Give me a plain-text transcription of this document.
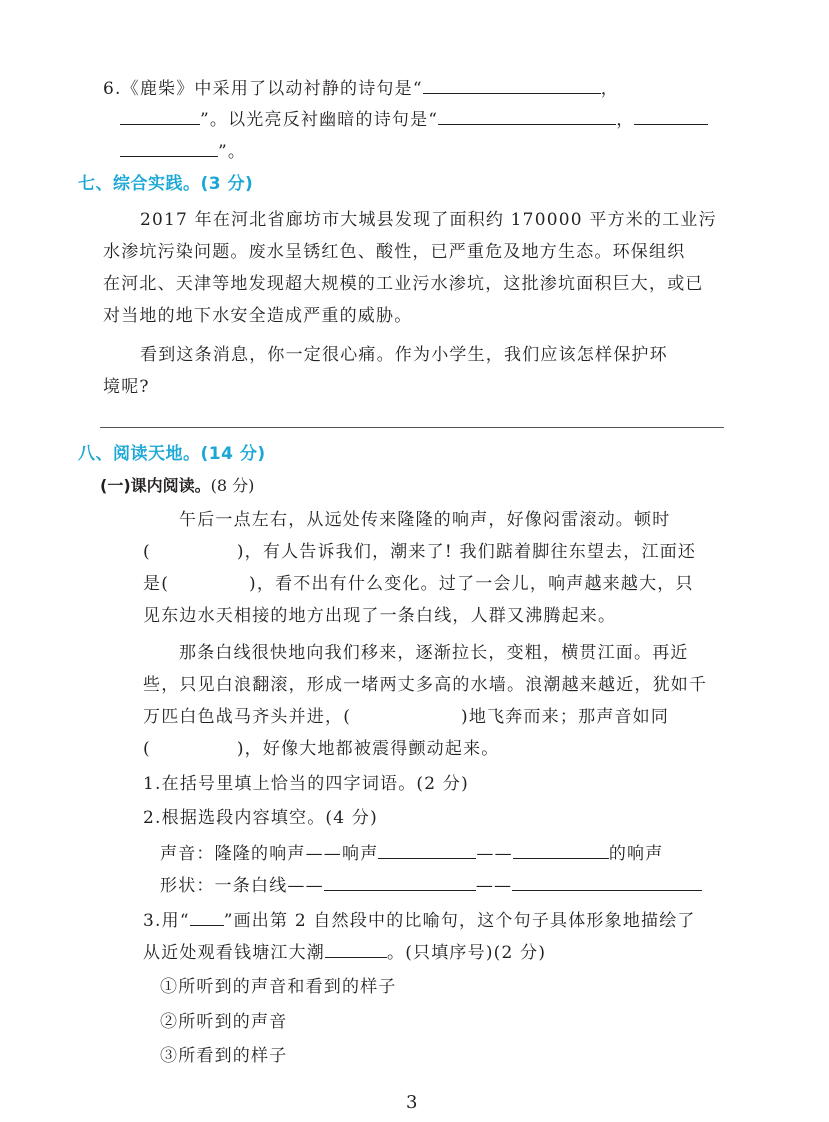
6.《鹿柴》中采用了以动衬静的诗句是“	，
”。以光亮反衬幽暗的诗句是“	，
”。
七、综合实践。(3 分)
2017 年在河北省廊坊市大城县发现了面积约 170000 平方米的工业污
水渗坑污染问题。废水呈锈红色、酸性，已严重危及地方生态。环保组织
在河北、天津等地发现超大规模的工业污水渗坑，这批渗坑面积巨大，或已
对当地的地下水安全造成严重的威胁。
看到这条消息，你一定很心痛。作为小学生，我们应该怎样保护环
境呢?
八、阅读天地。(14 分)
(一)课内阅读。(8 分)
午后一点左右，从远处传来隆隆的响声，好像闷雷滚动。顿时
(	)，有人告诉我们，潮来了! 我们踮着脚往东望去，江面还
是(	)，看不出有什么变化。过了一会儿，响声越来越大，只
见东边水天相接的地方出现了一条白线，人群又沸腾起来。
那条白线很快地向我们移来，逐渐拉长，变粗，横贯江面。再近
些，只见白浪翻滚，形成一堵两丈多高的水墙。浪潮越来越近，犹如千
万匹白色战马齐头并进，(	)地飞奔而来；那声音如同
(	)，好像大地都被震得颤动起来。
1.在括号里填上恰当的四字词语。(2 分)
2.根据选段内容填空。(4 分)
声音：隆隆的响声——响声	——	的响声
形状：一条白线——	——
3.用“ ”画出第 2 自然段中的比喻句，这个句子具体形象地描绘了
从近处观看钱塘江大潮	。(只填序号)(2 分)
①所听到的声音和看到的样子
②所听到的声音
③所看到的样子
3
